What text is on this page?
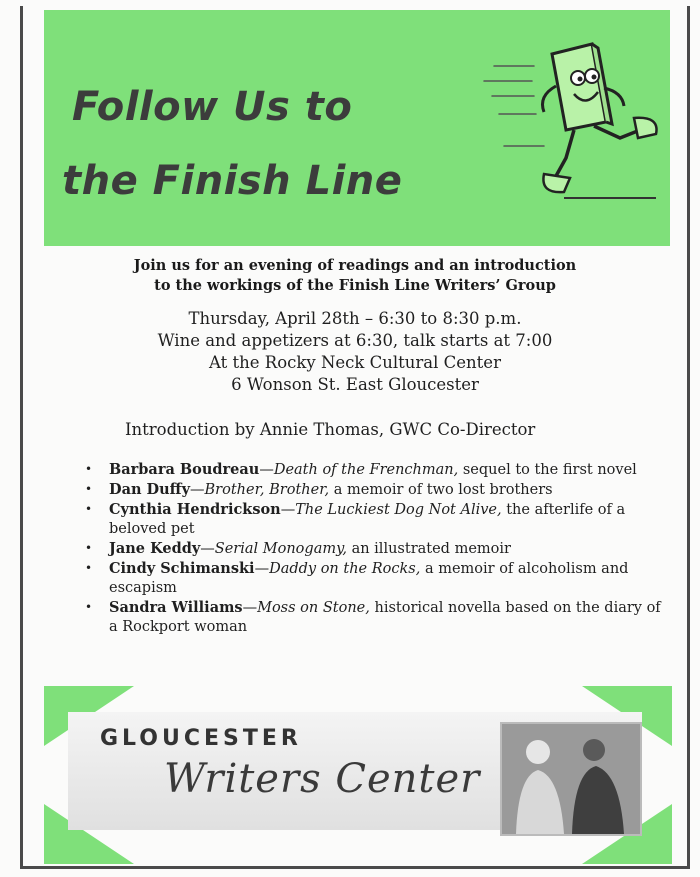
Follow Us to
the Finish Line
Join us for an evening of readings and an introduction
to the workings of the Finish Line Writers’ Group
Thursday, April 28th – 6:30 to 8:30 p.m.
Wine and appetizers at 6:30, talk starts at 7:00
At the Rocky Neck Cultural Center
6 Wonson St. East Gloucester
Introduction by Annie Thomas, GWC Co-Director
• Barbara Boudreau—Death of the Frenchman, sequel to the first novel
• Dan Duffy—Brother, Brother, a memoir of two lost brothers
• Cynthia Hendrickson—The Luckiest Dog Not Alive, the afterlife of a beloved pet
• Jane Keddy—Serial Monogamy, an illustrated memoir
• Cindy Schimanski—Daddy on the Rocks, a memoir of alcoholism and escapism
• Sandra Williams—Moss on Stone, historical novella based on the diary of a Rockport woman
GLOUCESTER
Writers Center
